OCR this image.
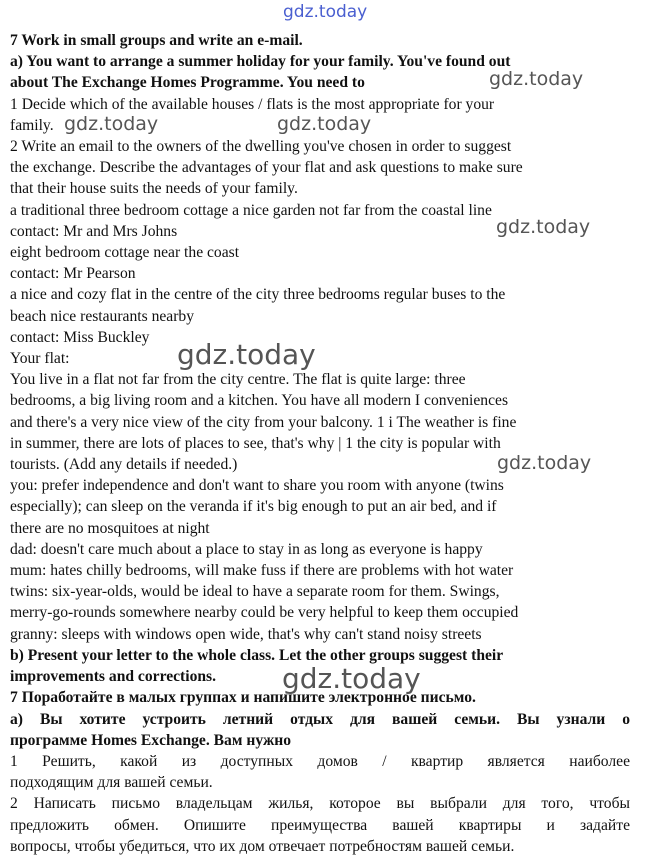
7 Work in small groups and write an e-mail.

a) You want to arrange a summer holiday for your family. You've found out

about The Exchange Homes Programme. You need to

1 Decide which of the available houses / flats is the most appropriate for your

family.

2 Write an email to the owners of the dwelling you've chosen in order to suggest

the exchange. Describe the advantages of your flat and ask questions to make sure

that their house suits the needs of your family.

a traditional three bedroom cottage a nice garden not far from the coastal line

contact: Mr and Mrs Johns

eight bedroom cottage near the coast

contact: Mr Pearson

a nice and cozy flat in the centre of the city three bedrooms regular buses to the

beach nice restaurants nearby

contact: Miss Buckley

Your flat:

You live in a flat not far from the city centre. The flat is quite large: three

bedrooms, a big living room and a kitchen. You have all modern I conveniences

and there's a very nice view of the city from your balcony. 1 i The weather is fine

in summer, there are lots of places to see, that's why | 1 the city is popular with

tourists. (Add any details if needed.)

you: prefer independence and don't want to share you room with anyone (twins

especially); can sleep on the veranda if it's big enough to put an air bed, and if

there are no mosquitoes at night

dad: doesn't care much about a place to stay in as long as everyone is happy

mum: hates chilly bedrooms, will make fuss if there are problems with hot water

twins: six-year-olds, would be ideal to have a separate room for them. Swings,

merry-go-rounds somewhere nearby could be very helpful to keep them occupied

granny: sleeps with windows open wide, that's why can't stand noisy streets

b) Present your letter to the whole class. Let the other groups suggest their

improvements and corrections.

7 Поработайте в малых группах и напишите электронное письмо.

а) Вы хотите устроить летний отдых для вашей семьи. Вы узнали о

программе Homes Exchange. Вам нужно

1 Решить, какой из доступных домов / квартир является наиболее

подходящим для вашей семьи.

2 Написать письмо владельцам жилья, которое вы выбрали для того, чтобы

предложить обмен. Опишите преимущества вашей квартиры и задайте

вопросы, чтобы убедиться, что их дом отвечает потребностям вашей семьи.

gdz.today
gdz.today
gdz.today	gdz.today
gdz.today
gdz.today
gdz.today
gdz.today
